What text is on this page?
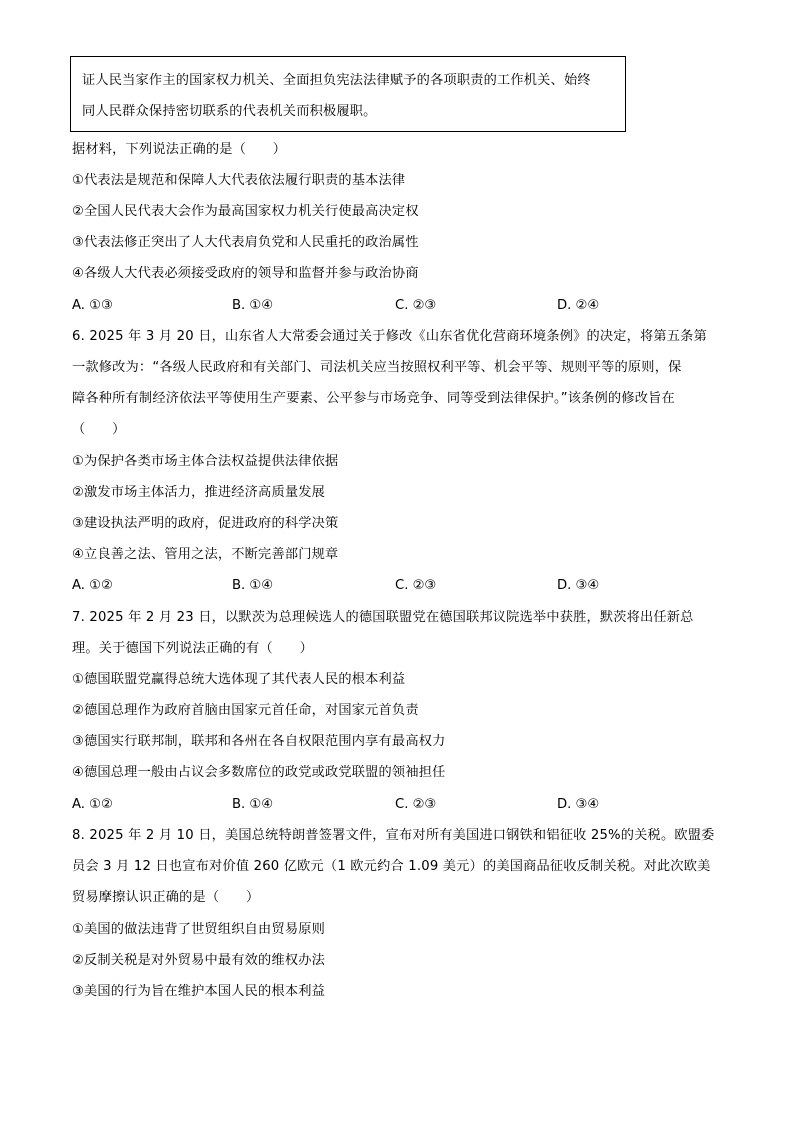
证人民当家作主的国家权力机关、全面担负宪法法律赋予的各项职责的工作机关、始终
同人民群众保持密切联系的代表机关而积极履职。
据材料，下列说法正确的是（　　）
①代表法是规范和保障人大代表依法履行职责的基本法律
②全国人民代表大会作为最高国家权力机关行使最高决定权
③代表法修正突出了人大代表肩负党和人民重托的政治属性
④各级人大代表必须接受政府的领导和监督并参与政治协商
A. ①③	B. ①④	C. ②③	D. ②④
6. 2025 年 3 月 20 日，山东省人大常委会通过关于修改《山东省优化营商环境条例》的决定，将第五条第
一款修改为：“各级人民政府和有关部门、司法机关应当按照权利平等、机会平等、规则平等的原则，保
障各种所有制经济依法平等使用生产要素、公平参与市场竞争、同等受到法律保护。”该条例的修改旨在
（　　）
①为保护各类市场主体合法权益提供法律依据
②激发市场主体活力，推进经济高质量发展
③建设执法严明的政府，促进政府的科学决策
④立良善之法、管用之法，不断完善部门规章
A. ①②	B. ①④	C. ②③	D. ③④
7. 2025 年 2 月 23 日，以默茨为总理候选人的德国联盟党在德国联邦议院选举中获胜，默茨将出任新总
理。关于德国下列说法正确的有（　　）
①德国联盟党赢得总统大选体现了其代表人民的根本利益
②德国总理作为政府首脑由国家元首任命，对国家元首负责
③德国实行联邦制，联邦和各州在各自权限范围内享有最高权力
④德国总理一般由占议会多数席位的政党或政党联盟的领袖担任
A. ①②	B. ①④	C. ②③	D. ③④
8. 2025 年 2 月 10 日，美国总统特朗普签署文件，宣布对所有美国进口钢铁和铝征收 25%的关税。欧盟委
员会 3 月 12 日也宣布对价值 260 亿欧元（1 欧元约合 1.09 美元）的美国商品征收反制关税。对此次欧美
贸易摩擦认识正确的是（　　）
①美国的做法违背了世贸组织自由贸易原则
②反制关税是对外贸易中最有效的维权办法
③美国的行为旨在维护本国人民的根本利益
